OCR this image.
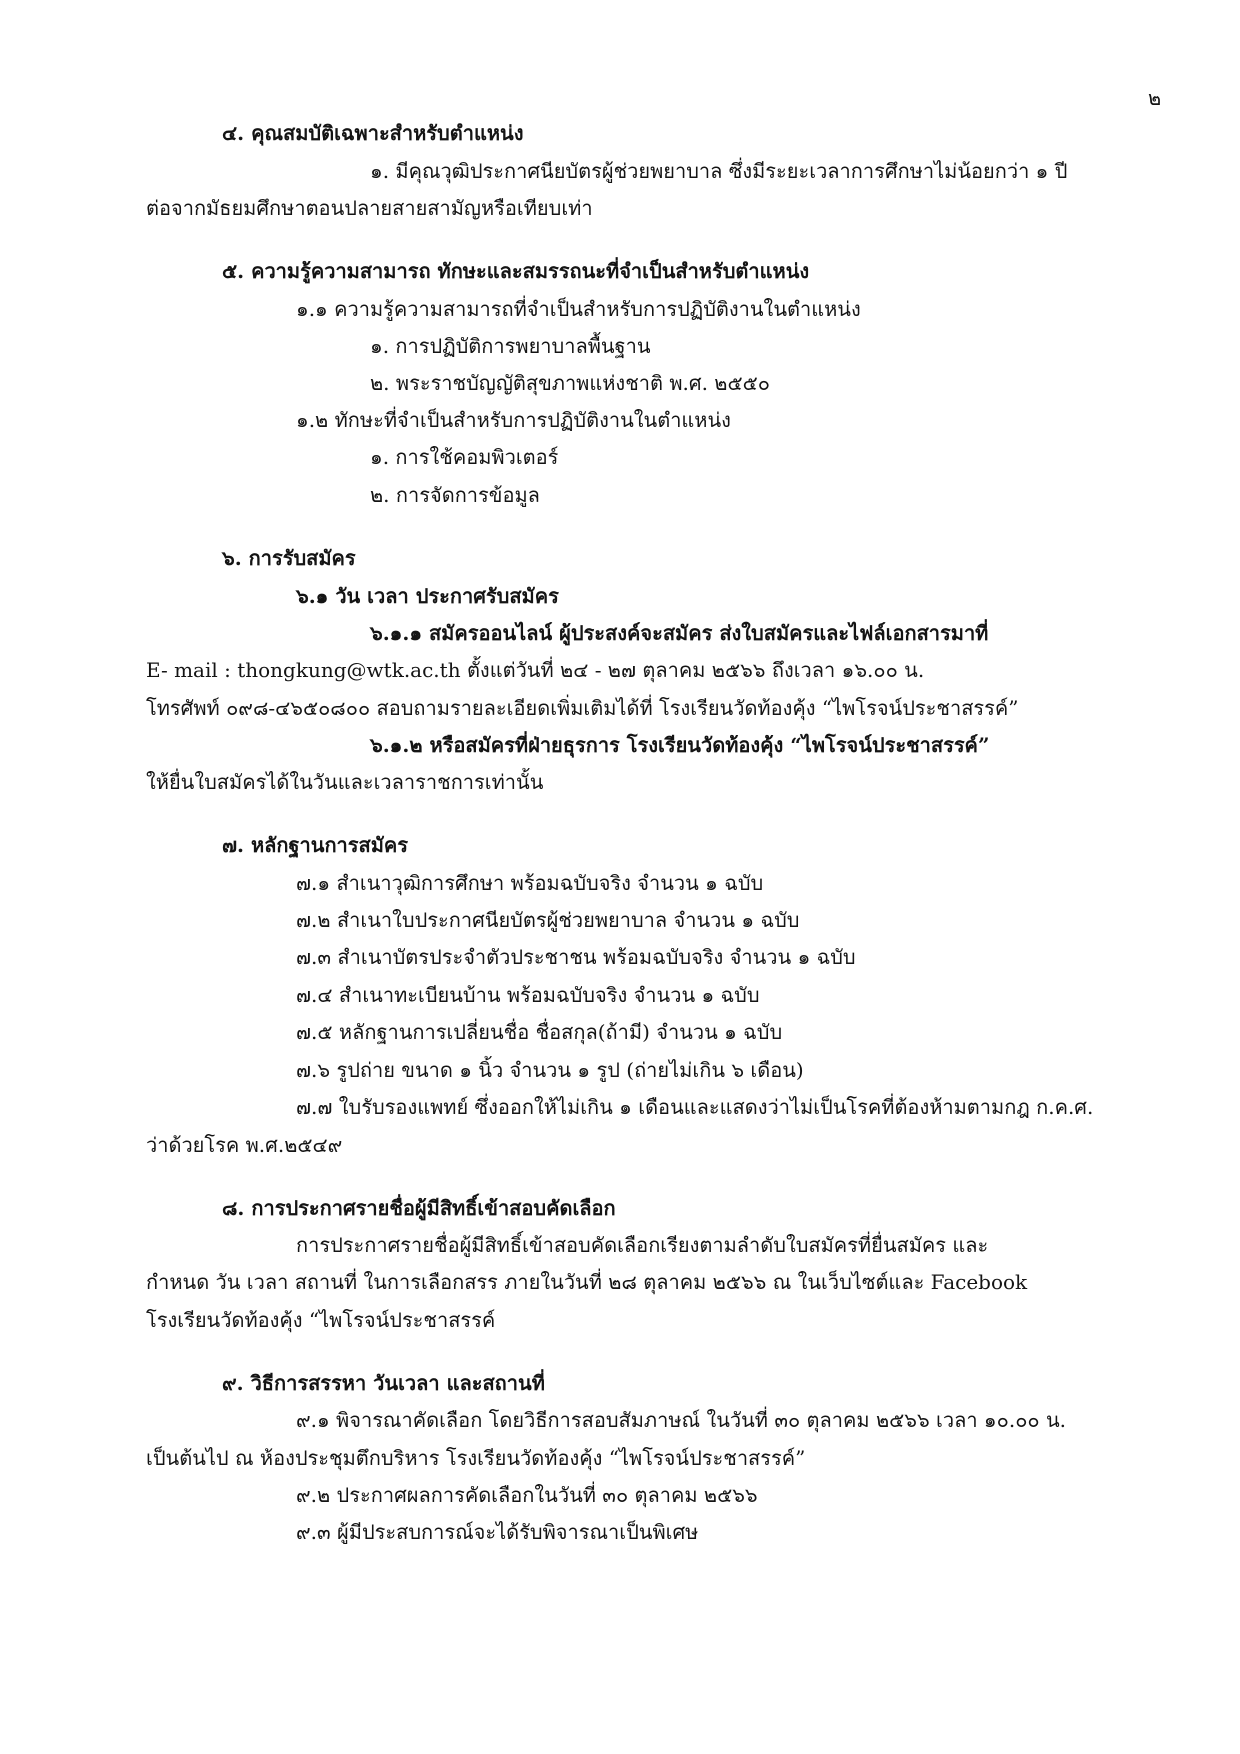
๒
๔. คุณสมบัติเฉพาะสำหรับตำแหน่ง
๑. มีคุณวุฒิประกาศนียบัตรผู้ช่วยพยาบาล ซึ่งมีระยะเวลาการศึกษาไม่น้อยกว่า ๑ ปี
ต่อจากมัธยมศึกษาตอนปลายสายสามัญหรือเทียบเท่า
๕. ความรู้ความสามารถ ทักษะและสมรรถนะที่จำเป็นสำหรับตำแหน่ง
๑.๑ ความรู้ความสามารถที่จำเป็นสำหรับการปฏิบัติงานในตำแหน่ง
๑. การปฏิบัติการพยาบาลพื้นฐาน
๒. พระราชบัญญัติสุขภาพแห่งชาติ พ.ศ. ๒๕๕๐
๑.๒ ทักษะที่จำเป็นสำหรับการปฏิบัติงานในตำแหน่ง
๑. การใช้คอมพิวเตอร์
๒. การจัดการข้อมูล
๖. การรับสมัคร
๖.๑ วัน เวลา ประกาศรับสมัคร
๖.๑.๑ สมัครออนไลน์ ผู้ประสงค์จะสมัคร ส่งใบสมัครและไฟล์เอกสารมาที่
E- mail : thongkung@wtk.ac.th ตั้งแต่วันที่ ๒๔ - ๒๗ ตุลาคม ๒๕๖๖ ถึงเวลา ๑๖.๐๐ น.
โทรศัพท์ ๐๙๘-๔๖๕๐๘๐๐ สอบถามรายละเอียดเพิ่มเติมได้ที่ โรงเรียนวัดท้องคุ้ง “ไพโรจน์ประชาสรรค์”
๖.๑.๒ หรือสมัครที่ฝ่ายธุรการ โรงเรียนวัดท้องคุ้ง “ไพโรจน์ประชาสรรค์”
ให้ยื่นใบสมัครได้ในวันและเวลาราชการเท่านั้น
๗. หลักฐานการสมัคร
๗.๑ สำเนาวุฒิการศึกษา พร้อมฉบับจริง จำนวน ๑ ฉบับ
๗.๒ สำเนาใบประกาศนียบัตรผู้ช่วยพยาบาล จำนวน ๑ ฉบับ
๗.๓ สำเนาบัตรประจำตัวประชาชน พร้อมฉบับจริง จำนวน ๑ ฉบับ
๗.๔ สำเนาทะเบียนบ้าน พร้อมฉบับจริง จำนวน ๑ ฉบับ
๗.๕ หลักฐานการเปลี่ยนชื่อ ชื่อสกุล(ถ้ามี) จำนวน ๑ ฉบับ
๗.๖ รูปถ่าย ขนาด ๑ นิ้ว จำนวน ๑ รูป (ถ่ายไม่เกิน ๖ เดือน)
๗.๗ ใบรับรองแพทย์ ซึ่งออกให้ไม่เกิน ๑ เดือนและแสดงว่าไม่เป็นโรคที่ต้องห้ามตามกฎ ก.ค.ศ.
ว่าด้วยโรค พ.ศ.๒๕๔๙
๘. การประกาศรายชื่อผู้มีสิทธิ์เข้าสอบคัดเลือก
การประกาศรายชื่อผู้มีสิทธิ์เข้าสอบคัดเลือกเรียงตามลำดับใบสมัครที่ยื่นสมัคร และ
กำหนด วัน เวลา สถานที่ ในการเลือกสรร ภายในวันที่ ๒๘ ตุลาคม ๒๕๖๖ ณ ในเว็บไซต์และ Facebook
โรงเรียนวัดท้องคุ้ง “ไพโรจน์ประชาสรรค์
๙. วิธีการสรรหา วันเวลา และสถานที่
๙.๑ พิจารณาคัดเลือก โดยวิธีการสอบสัมภาษณ์ ในวันที่ ๓๐ ตุลาคม ๒๕๖๖ เวลา ๑๐.๐๐ น.
เป็นต้นไป ณ ห้องประชุมตึกบริหาร โรงเรียนวัดท้องคุ้ง “ไพโรจน์ประชาสรรค์”
๙.๒ ประกาศผลการคัดเลือกในวันที่ ๓๐ ตุลาคม ๒๕๖๖
๙.๓ ผู้มีประสบการณ์จะได้รับพิจารณาเป็นพิเศษ
